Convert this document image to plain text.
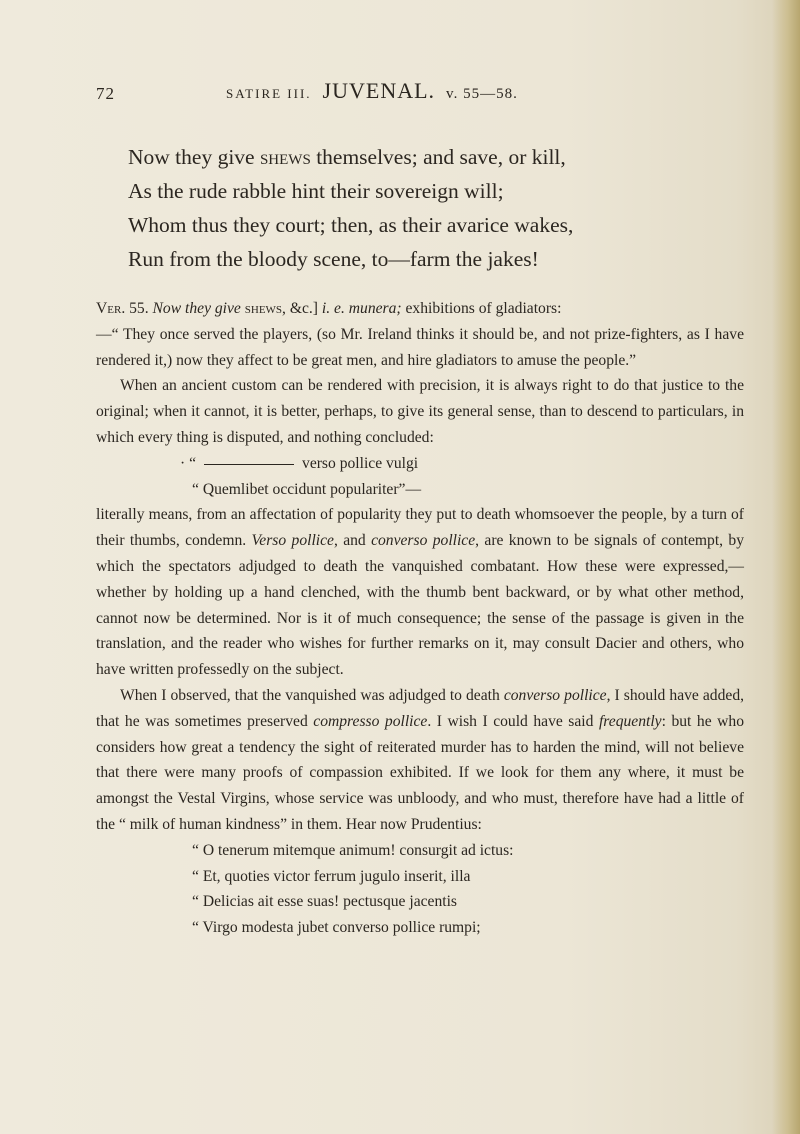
72	SATIRE III. JUVENAL. v. 55—58.
Now they give shews themselves; and save, or kill,
As the rude rabble hint their sovereign will;
Whom thus they court; then, as their avarice wakes,
Run from the bloody scene, to—farm the jakes!

Ver. 55. Now they give shews, &c.] i. e. munera; exhibitions of gladiators:

—“ They once served the players, (so Mr. Ireland thinks it should be, and not prize-fighters, as I have rendered it,) now they affect to be great men, and hire gladiators to amuse the people.”

When an ancient custom can be rendered with precision, it is always right to do that justice to the original; when it cannot, it is better, perhaps, to give its general sense, than to descend to particulars, in which every thing is disputed, and nothing concluded:

· “	verso pollice vulgi

“ Quemlibet occidunt populariter”—

literally means, from an affectation of popularity they put to death whomsoever the people, by a turn of their thumbs, condemn. Verso pollice, and converso pollice, are known to be signals of contempt, by which the spectators adjudged to death the vanquished combatant. How these were expressed,—whether by holding up a hand clenched, with the thumb bent backward, or by what other method, cannot now be determined. Nor is it of much consequence; the sense of the passage is given in the translation, and the reader who wishes for further remarks on it, may consult Dacier and others, who have written professedly on the subject.

When I observed, that the vanquished was adjudged to death converso pollice, I should have added, that he was sometimes preserved compresso pollice. I wish I could have said frequently: but he who considers how great a tendency the sight of reiterated murder has to harden the mind, will not believe that there were many proofs of compassion exhibited. If we look for them any where, it must be amongst the Vestal Virgins, whose service was unbloody, and who must, therefore have had a little of the “ milk of human kindness” in them. Hear now Prudentius:

“ O tenerum mitemque animum! consurgit ad ictus:

“ Et, quoties victor ferrum jugulo inserit, illa

“ Delicias ait esse suas! pectusque jacentis

“ Virgo modesta jubet converso pollice rumpi;
